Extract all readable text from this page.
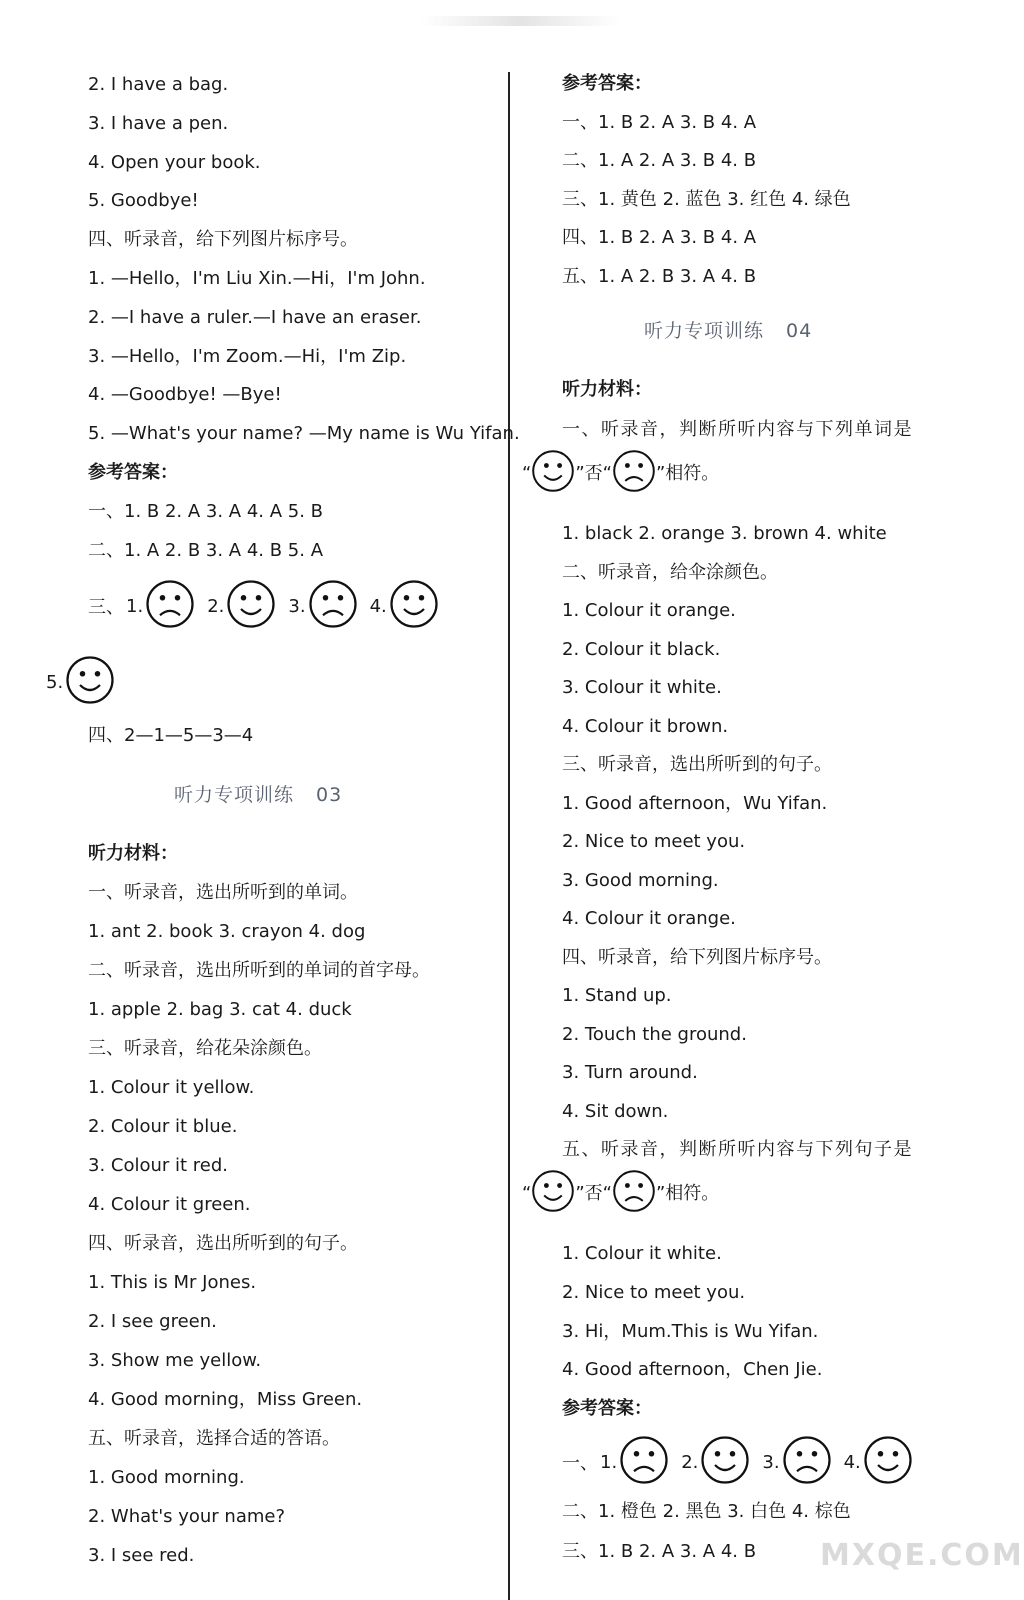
2. I have a bag.
3. I have a pen.
4. Open your book.
5. Goodbye!
四、听录音，给下列图片标序号。
1. —Hello，I'm Liu Xin.—Hi，I'm John.
2. —I have a ruler.—I have an eraser.
3. —Hello，I'm Zoom.—Hi，I'm Zip.
4. —Goodbye! —Bye!
5. —What's your name? —My name is Wu Yifan.
参考答案：
一、1. B 2. A 3. A 4. A 5. B
二、1. A 2. B 3. A 4. B 5. A
三、 1.	2.	3.	4.
5.
四、2—1—5—3—4
听力专项训练 03
听力材料：
一、听录音，选出所听到的单词。
1. ant 2. book 3. crayon 4. dog
二、听录音，选出所听到的单词的首字母。
1. apple 2. bag 3. cat 4. duck
三、听录音，给花朵涂颜色。
1. Colour it yellow.
2. Colour it blue.
3. Colour it red.
4. Colour it green.
四、听录音，选出所听到的句子。
1. This is Mr Jones.
2. I see green.
3. Show me yellow.
4. Good morning，Miss Green.
五、听录音，选择合适的答语。
1. Good morning.
2. What's your name?
3. I see red.
参考答案：
一、1. B 2. A 3. B 4. A
二、1. A 2. A 3. B 4. B
三、1. 黄色 2. 蓝色 3. 红色 4. 绿色
四、1. B 2. A 3. B 4. A
五、1. A 2. B 3. A 4. B
听力专项训练 04
听力材料：
一、听录音，判断所听内容与下列单词是
“ ”否“ ”相符。
1. black 2. orange 3. brown 4. white
二、听录音，给伞涂颜色。
1. Colour it orange.
2. Colour it black.
3. Colour it white.
4. Colour it brown.
三、听录音，选出所听到的句子。
1. Good afternoon，Wu Yifan.
2. Nice to meet you.
3. Good morning.
4. Colour it orange.
四、听录音，给下列图片标序号。
1. Stand up.
2. Touch the ground.
3. Turn around.
4. Sit down.
五、听录音，判断所听内容与下列句子是
“ ”否“ ”相符。
1. Colour it white.
2. Nice to meet you.
3. Hi，Mum.This is Wu Yifan.
4. Good afternoon，Chen Jie.
参考答案：
一、 1.	2.	3.	4.
二、1. 橙色 2. 黑色 3. 白色 4. 棕色
三、1. B 2. A 3. A 4. B MXQE.COM
